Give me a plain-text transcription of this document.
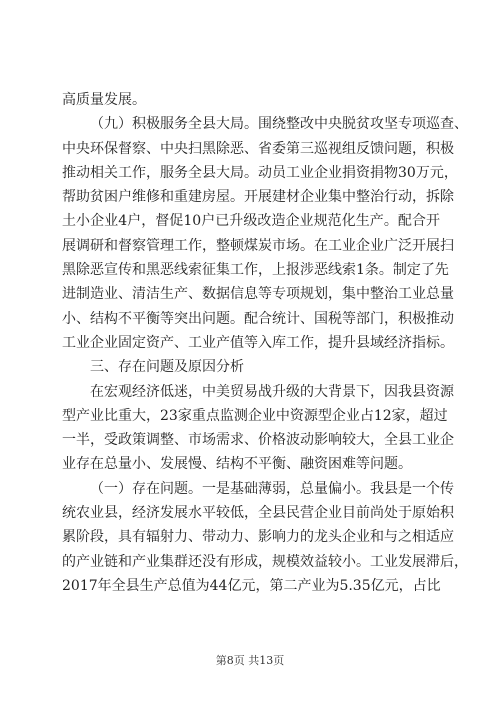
高质量发展。
（九）积极服务全县大局。围绕整改中央脱贫攻坚专项巡查、
中央环保督察、中央扫黑除恶、省委第三巡视组反馈问题，积极
推动相关工作，服务全县大局。动员工业企业捐资捐物30万元，
帮助贫困户维修和重建房屋。开展建材企业集中整治行动，拆除
土小企业4户，督促10户已升级改造企业规范化生产。配合开
展调研和督察管理工作，整顿煤炭市场。在工业企业广泛开展扫
黑除恶宣传和黑恶线索征集工作，上报涉恶线索1条。制定了先
进制造业、清洁生产、数据信息等专项规划，集中整治工业总量
小、结构不平衡等突出问题。配合统计、国税等部门，积极推动
工业企业固定资产、工业产值等入库工作，提升县域经济指标。
三、存在问题及原因分析
在宏观经济低迷，中美贸易战升级的大背景下，因我县资源
型产业比重大，23家重点监测企业中资源型企业占12家，超过
一半，受政策调整、市场需求、价格波动影响较大，全县工业企
业存在总量小、发展慢、结构不平衡、融资困难等问题。
（一）存在问题。一是基础薄弱，总量偏小。我县是一个传
统农业县，经济发展水平较低，全县民营企业目前尚处于原始积
累阶段，具有辐射力、带动力、影响力的龙头企业和与之相适应
的产业链和产业集群还没有形成，规模效益较小。工业发展滞后，
2017年全县生产总值为44亿元，第二产业为5.35亿元，占比
第8页 共13页
